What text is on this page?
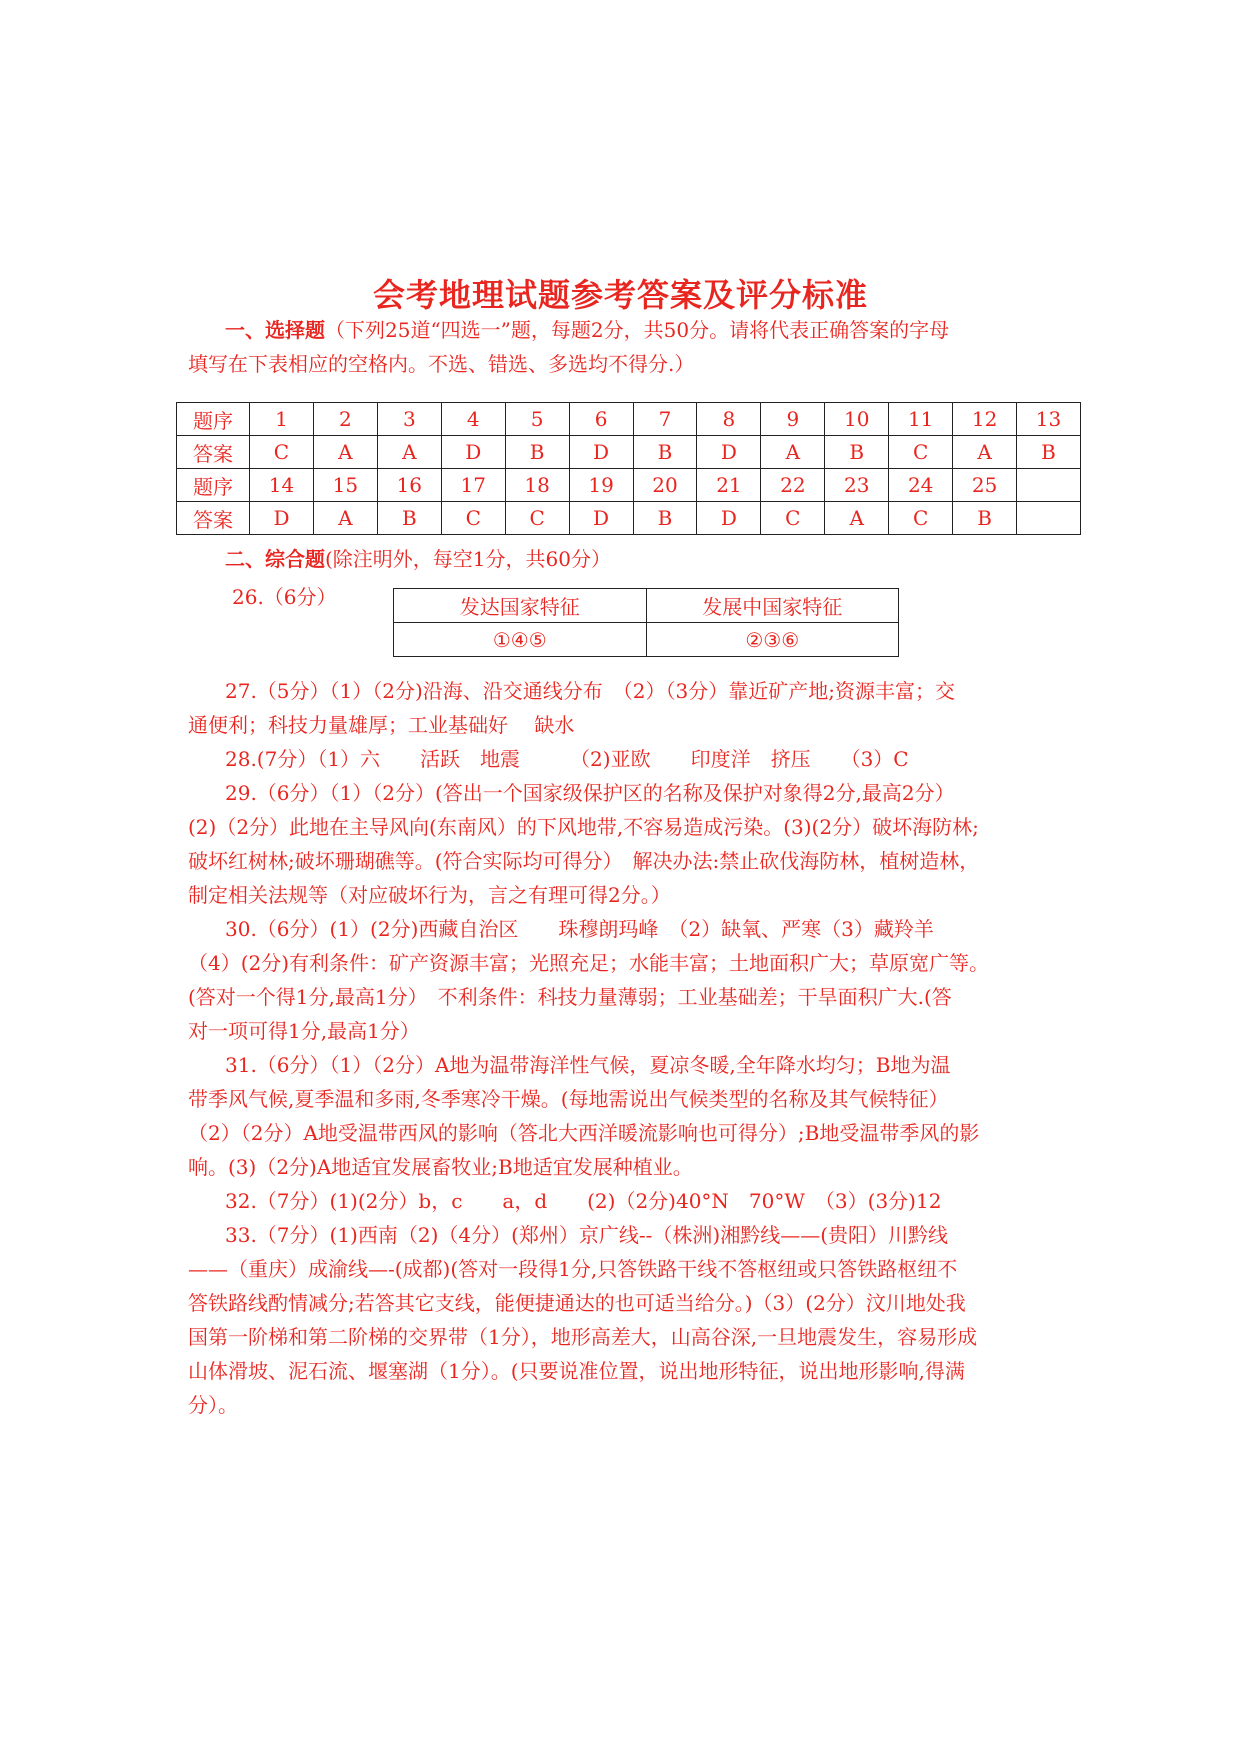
会考地理试题参考答案及评分标准
一、选择题（下列25道“四选一”题，每题2分，共50分。请将代表正确答案的字母
填写在下表相应的空格内。不选、错选、多选均不得分.）
题序	1	2	3	4	5	6	7	8	9	10	11	12	13
答案	C	A	A	D	B	D	B	D	A	B	C	A	B
题序	14	15	16	17	18	19	20	21	22	23	24	25	
答案	D	A	B	C	C	D	B	D	C	A	C	B	
二、综合题(除注明外，每空1分，共60分）
26.（6分）	发达国家特征	发展中国家特征
①④⑤	②③⑥
27.（5分）（1）（2分)沿海、沿交通线分布　（2）（3分）靠近矿产地;资源丰富；交
通便利；科技力量雄厚；工业基础好　 缺水
28.(7分）（1）六　　活跃　地震　　　（2)亚欧　　印度洋　挤压　　（3）C
29.（6分）（1）（2分）(答出一个国家级保护区的名称及保护对象得2分,最高2分）
(2)（2分）此地在主导风向(东南风）的下风地带,不容易造成污染。(3)(2分）破坏海防林;
破坏红树林;破坏珊瑚礁等。(符合实际均可得分）　解决办法:禁止砍伐海防林，植树造林，
制定相关法规等（对应破坏行为，言之有理可得2分。）
30.（6分）(1）(2分)西藏自治区　　珠穆朗玛峰　（2）缺氧、严寒（3）藏羚羊
（4）(2分)有利条件：矿产资源丰富；光照充足；水能丰富；土地面积广大；草原宽广等。
(答对一个得1分,最高1分）　不利条件：科技力量薄弱；工业基础差；干旱面积广大.(答
对一项可得1分,最高1分）
31.（6分）（1）（2分）A地为温带海洋性气候，夏凉冬暖,全年降水均匀；B地为温
带季风气候,夏季温和多雨,冬季寒冷干燥。(每地需说出气候类型的名称及其气候特征）
（2）（2分）A地受温带西风的影响（答北大西洋暖流影响也可得分）;B地受温带季风的影
响。(3)（2分)A地适宜发展畜牧业;B地适宜发展种植业。
32.（7分）(1)(2分）b，c　　a，d　　(2)（2分)40°N　70°W　（3）(3分)12
33.（7分）(1)西南（2)（4分）(郑州）京广线--（株洲)湘黔线——(贵阳）川黔线
——（重庆）成渝线—-(成都)(答对一段得1分,只答铁路干线不答枢纽或只答铁路枢纽不
答铁路线酌情减分;若答其它支线，能便捷通达的也可适当给分。)（3）(2分）汶川地处我
国第一阶梯和第二阶梯的交界带（1分），地形高差大，山高谷深,一旦地震发生，容易形成
山体滑坡、泥石流、堰塞湖（1分）。(只要说准位置，说出地形特征，说出地形影响,得满
分）。
